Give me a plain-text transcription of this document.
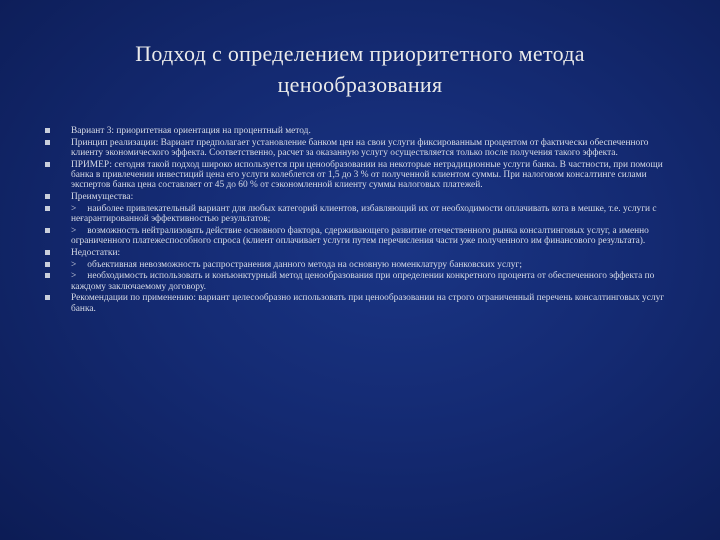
Подход с определением приоритетного метода
ценообразования
Вариант 3: приоритетная ориентация на процентный метод.
Принцип реализации: Вариант предполагает установление банком цен на свои услуги фиксированным процентом от фактически обеспеченного клиенту экономического эффекта. Соответственно, расчет за оказанную услугу осуществляется только после получения такого эффекта.
ПРИМЕР: сегодня такой подход широко используется при ценообразовании на некоторые нетрадиционные услуги банка. В частности, при помощи банка в привлечении инвестиций цена его услуги колеблется от 1,5 до 3 % от полученной клиентом суммы. При налоговом консалтинге силами экспертов банка цена составляет от 45 до 60 % от сэкономленной клиенту суммы налоговых платежей.
Преимущества:
> наиболее привлекательный вариант для любых категорий клиентов, избавляющий их от необходимости оплачивать кота в мешке, т.е. услуги с неғарантированной эффективностью результатов;
> возможность нейтрализовать действие основного фактора, сдерживающего развитие отечественного рынка консалтинговых услуг, а именно ограниченного платежеспособного спроса (клиент оплачивает услуги путем перечисления части уже полученного им финансового результата).
Недостатки:
> объективная невозможность распространения данного метода на основную номенклатуру банковских услуг;
> необходимость использовать и конъюнктурный метод ценообразования при определении конкретного процента от обеспеченного эффекта по каждому заключаемому договору.
Рекомендации по применению: вариант целесообразно использовать при ценообразовании на строго ограниченный перечень консалтинговых услуг банка.
